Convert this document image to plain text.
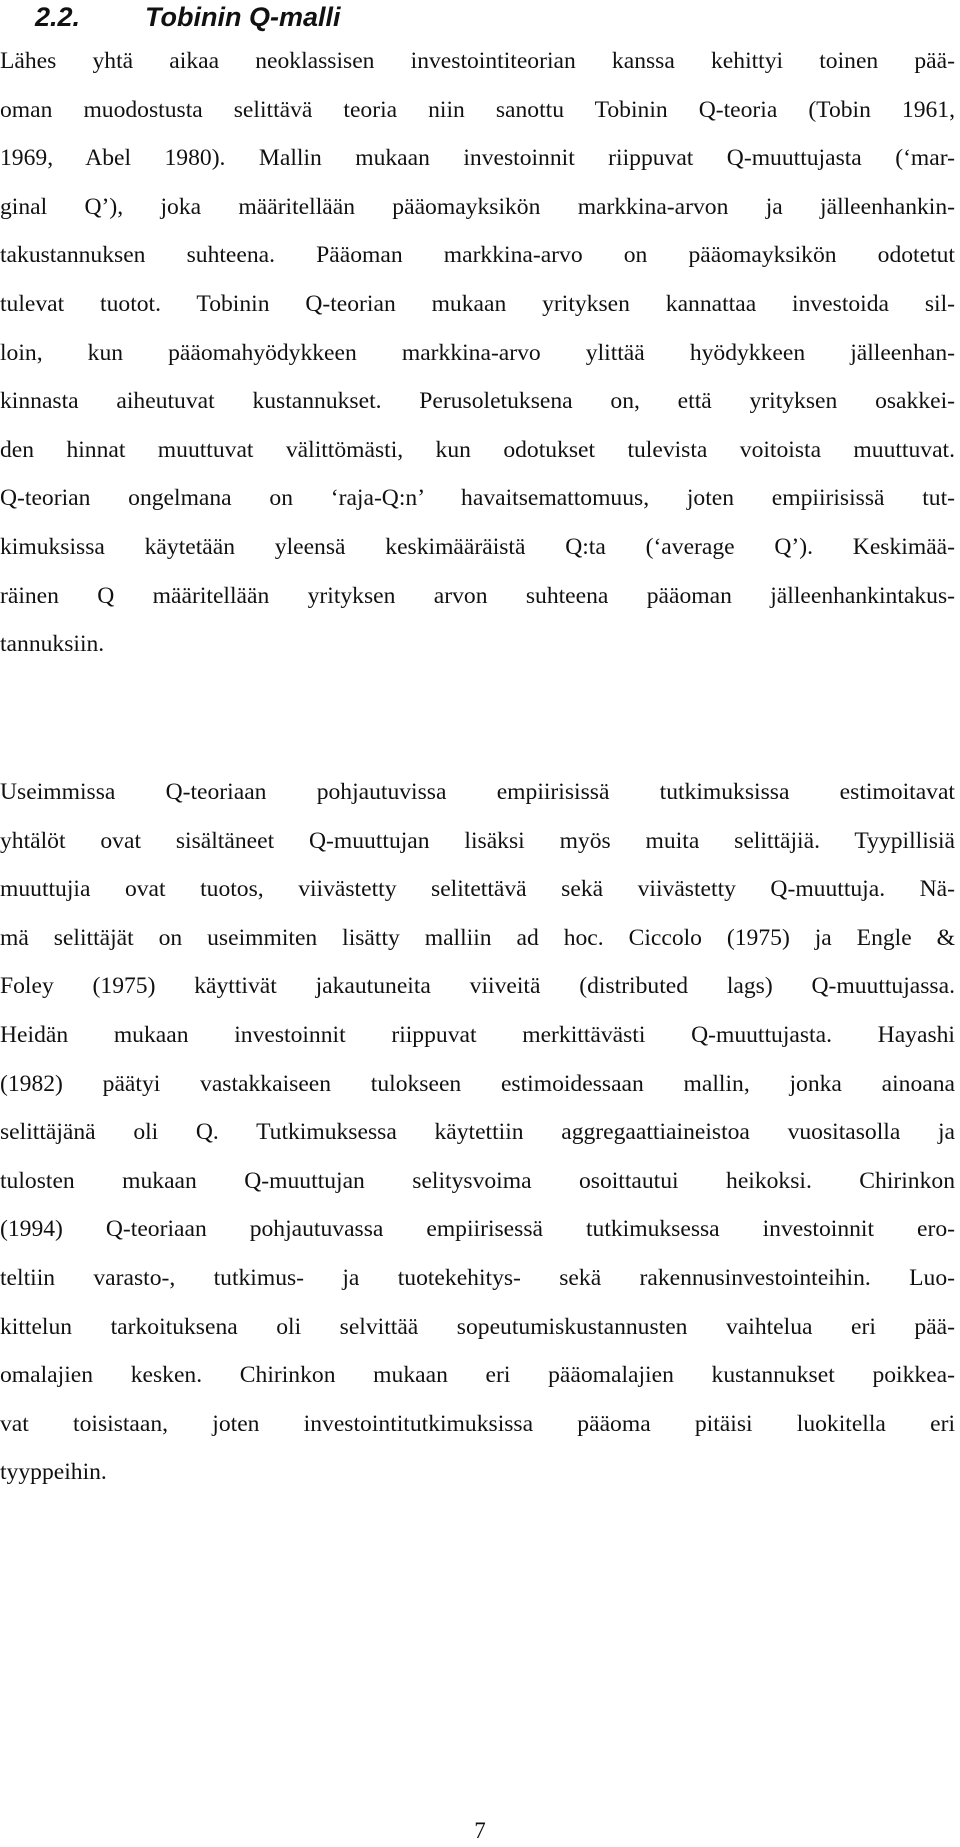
2.2. Tobinin Q-malli
Lähes yhtä aikaa neoklassisen investointiteorian kanssa kehittyi toinen pää-
oman muodostusta selittävä teoria niin sanottu Tobinin Q-teoria (Tobin 1961,
1969, Abel 1980). Mallin mukaan investoinnit riippuvat Q-muuttujasta (‘mar-
ginal Q’), joka määritellään pääomayksikön markkina-arvon ja jälleenhankin-
takustannuksen suhteena. Pääoman markkina-arvo on pääomayksikön odotetut
tulevat tuotot. Tobinin Q-teorian mukaan yrityksen kannattaa investoida sil-
loin, kun pääomahyödykkeen markkina-arvo ylittää hyödykkeen jälleenhan-
kinnasta aiheutuvat kustannukset. Perusoletuksena on, että yrityksen osakkei-
den hinnat muuttuvat välittömästi, kun odotukset tulevista voitoista muuttuvat.
Q-teorian ongelmana on ‘raja-Q:n’ havaitsemattomuus, joten empiirisissä tut-
kimuksissa käytetään yleensä keskimääräistä Q:ta (‘average Q’). Keskimää-
räinen Q määritellään yrityksen arvon suhteena pääoman jälleenhankintakus-
tannuksiin.
Useimmissa Q-teoriaan pohjautuvissa empiirisissä tutkimuksissa estimoitavat
yhtälöt ovat sisältäneet Q-muuttujan lisäksi myös muita selittäjiä. Tyypillisiä
muuttujia ovat tuotos, viivästetty selitettävä sekä viivästetty Q-muuttuja. Nä-
mä selittäjät on useimmiten lisätty malliin ad hoc. Ciccolo (1975) ja Engle &
Foley (1975) käyttivät jakautuneita viiveitä (distributed lags) Q-muuttujassa.
Heidän mukaan investoinnit riippuvat merkittävästi Q-muuttujasta. Hayashi
(1982) päätyi vastakkaiseen tulokseen estimoidessaan mallin, jonka ainoana
selittäjänä oli Q. Tutkimuksessa käytettiin aggregaattiaineistoa vuositasolla ja
tulosten mukaan Q-muuttujan selitysvoima osoittautui heikoksi. Chirinkon
(1994) Q-teoriaan pohjautuvassa empiirisessä tutkimuksessa investoinnit ero-
teltiin varasto-, tutkimus- ja tuotekehitys- sekä rakennusinvestointeihin. Luo-
kittelun tarkoituksena oli selvittää sopeutumiskustannusten vaihtelua eri pää-
omalajien kesken. Chirinkon mukaan eri pääomalajien kustannukset poikkea-
vat toisistaan, joten investointitutkimuksissa pääoma pitäisi luokitella eri
tyyppeihin.
7
